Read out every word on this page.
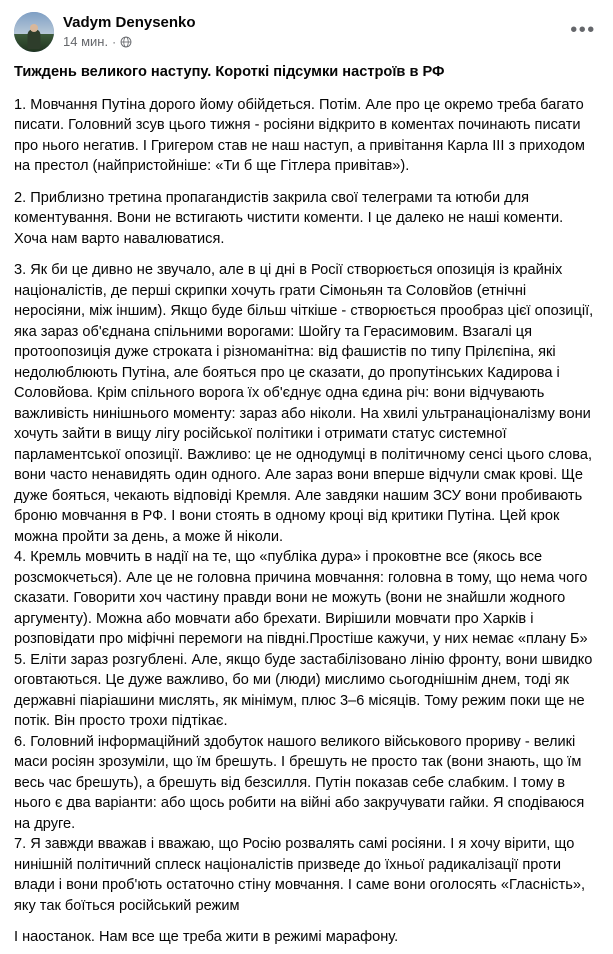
Vadym Denysenko
14 мин. ·
•••

Тиждень великого наступу. Короткі підсумки настроїв в РФ

1. Мовчання Путіна дорого йому обійдеться. Потім. Але про це окремо треба багато писати. Головний зсув цього тижня - росіяни відкрито в коментах починають писати про нього негатив. І Григером став не наш наступ, а привітання Карла III з приходом на престол (найпристойніше: «Ти б ще Гітлера привітав»).

2. Приблизно третина пропагандистів закрила свої телеграми та ютюби для коментування. Вони не встигають чистити коменти. І це далеко не наші коменти. Хоча нам варто навалюватися.

3. Як би це дивно не звучало, але в ці дні в Росії створюється опозиція із крайніх націоналістів, де перші скрипки хочуть грати Сімоньян та Соловйов (етнічні неросіяни, між іншим). Якщо буде більш чіткіше - створюється прообраз цієї опозиції, яка зараз об'єднана спільними ворогами: Шойгу та Герасимовим. Взагалі ця протоопозиція дуже строката і різноманітна: від фашистів по типу Прілєпіна, які недолюблюють Путіна, але бояться про це сказати, до пропутінських Кадирова і Соловйова. Крім спільного ворога їх об'єднує одна єдина річ: вони відчувають важливість нинішнього моменту: зараз або ніколи. На хвилі ультранаціоналізму вони хочуть зайти в вищу лігу російської політики і отримати статус системної парламентської опозиції. Важливо: це не однодумці в політичному сенсі цього слова, вони часто ненавидять один одного. Але зараз вони вперше відчули смак крові. Ще дуже бояться, чекають відповіді Кремля. Але завдяки нашим ЗСУ вони пробивають броню мовчання в РФ. І вони стоять в одному кроці від критики Путіна. Цей крок можна пройти за день, а може й ніколи.

4. Кремль мовчить в надії на те, що «публіка дура» і проковтне все (якось все розсмокчеться). Але це не головна причина мовчання: головна в тому, що нема чого сказати. Говорити хоч частину правди вони не можуть (вони не знайшли жодного аргументу). Можна або мовчати або брехати. Вирішили мовчати про Харків і розповідати про міфічні перемоги на півдні.Простіше кажучи, у них немає «плану Б»

5. Еліти зараз розгублені. Але, якщо буде застабілізовано лінію фронту, вони швидко оговтаються. Це дуже важливо, бо ми (люди) мислимо сьогоднішнім днем, тоді як державні піаріашини мислять, як мінімум, плюс 3–6 місяців. Тому режим поки ще не потік. Він просто трохи підтікає.

6. Головний інформаційний здобуток нашого великого військового прориву - великі маси росіян зрозуміли, що їм брешуть. І брешуть не просто так (вони знають, що їм весь час брешуть), а брешуть від безсилля. Путін показав себе слабким. І тому в нього є два варіанти: або щось робити на війні або закручувати гайки. Я сподіваюся на друге.

7. Я завжди вважав і вважаю, що Росію розвалять самі росіяни. І я хочу вірити, що нинішній політичний сплеск націоналістів призведе до їхньої радикалізації проти влади і вони проб'ють остаточно стіну мовчання. І саме вони оголосять «Гласність», яку так боїться російський режим

І наостанок. Нам все ще треба жити в режимі марафону.
